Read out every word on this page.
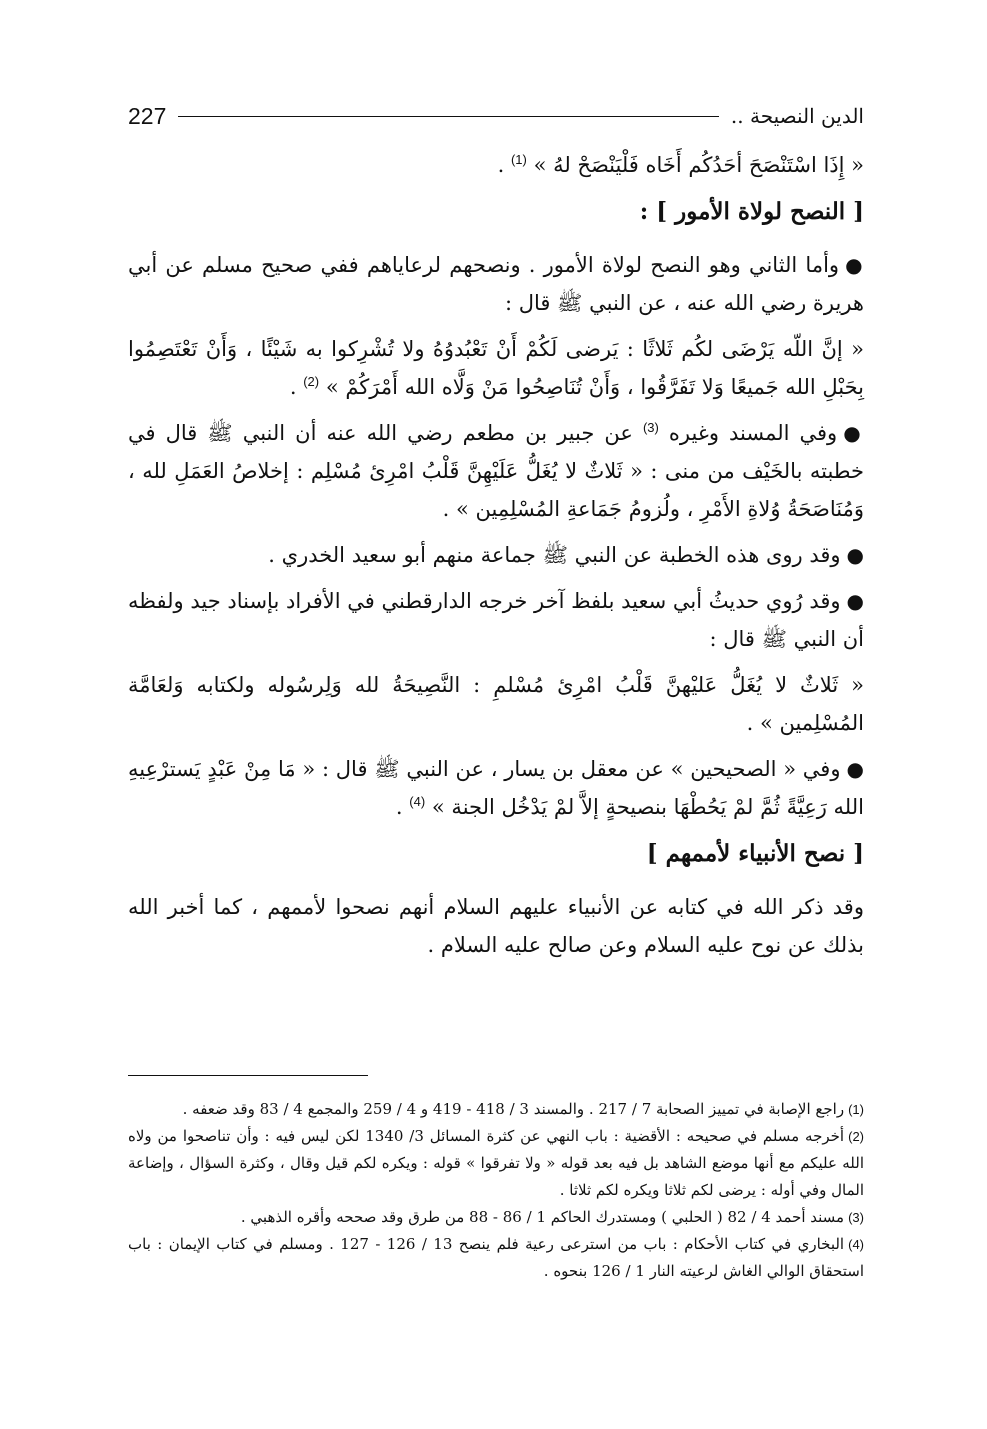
الدين النصيحة ..
227

« إِذَا اسْتَنْصَحَ أحَدُكُم أَخَاه فَلْيَنْصَحْ لهُ » $^{(1)}$ .

[ النصح لولاة الأمور ] :

●وأما الثاني وهو النصح لولاة الأمور . ونصحهم لرعاياهم ففي صحيح مسلم عن أبي هريرة رضي الله عنه ، عن النبي ﷺ قال :

« إنَّ اللّه يَرْضَى لكُم ثَلاثًا : يَرضى لَكُمْ أَنْ تَعْبُدوُهُ ولا تُشْرِكوا به شَيْئًا ، وَأَنْ تَعْتَصِمُوا بِحَبْلِ الله جَميعًا وَلا تَفَرَّقُوا ، وَأَنْ تُنَاصِحُوا مَنْ وَلَّاه الله أَمْرَكُمْ » $^{(2)}$ .

●وفي المسند وغيره $^{(3)}$ عن جبير بن مطعم رضي الله عنه أن النبي ﷺ قال في خطبته بالخَيْف من منى : « ثَلاثٌ لا يُغَلُّ عَلَيْهِنَّ قَلْبُ امْرِئ مُسْلِم : إخلاصُ العَمَلِ لله ، وَمُنَاصَحَةُ وُلاةِ الأَمْرِ ، ولُزومُ جَمَاعةِ المُسْلِمِين » .

●وقد روى هذه الخطبة عن النبي ﷺ جماعة منهم أبو سعيد الخدري .

●وقد رُوي حديثُ أبي سعيد بلفظ آخر خرجه الدارقطني في الأفراد بإسناد جيد ولفظه أن النبي ﷺ قال :

« ثَلاثٌ لا يُغَلُّ عَليْهنَّ قَلْبُ امْرِئ مُسْلمِ : النَّصِيحَةُ لله وَلِرسُوله ولكتابه وَلعَامَّة المُسْلِمين » .

●وفي « الصحيحين » عن معقل بن يسار ، عن النبي ﷺ قال : « مَا مِنْ عَبْدٍ يَسترْعِيهِ الله رَعِيَّةً ثُمَّ لمْ يَحُطْهَا بنصيحةٍ إلاَّ لمْ يَدْخُل الجنة » $^{(4)}$ .

[ نصح الأنبياء لأممهم ]

وقد ذكر الله في كتابه عن الأنبياء عليهم السلام أنهم نصحوا لأممهم ، كما أخبر الله بذلك عن نوح عليه السلام وعن صالح عليه السلام .

(1)راجع الإصابة في تمييز الصحابة 7 / 217 . والمسند 3 / 418 - 419 و 4 / 259 والمجمع 4 / 83 وقد ضعفه .

(2)أخرجه مسلم في صحيحه : الأقضية : باب النهي عن كثرة المسائل 3/ 1340 لكن ليس فيه : وأن تناصحوا من ولاه الله عليكم مع أنها موضع الشاهد بل فيه بعد قوله « ولا تفرقوا » قوله : ويكره لكم قيل وقال ، وكثرة السؤال ، وإضاعة المال وفي أوله : يرضى لكم ثلاثا ويكره لكم ثلاثا .

(3)مسند أحمد 4 / 82 ( الحلبي ) ومستدرك الحاكم 1 / 86 - 88 من طرق وقد صححه وأقره الذهبي .

(4)البخاري في كتاب الأحكام : باب من استرعى رعية فلم ينصح 13 / 126 - 127 . ومسلم في كتاب الإيمان : باب استحقاق الوالي الغاش لرعيته النار 1 / 126 بنحوه .
